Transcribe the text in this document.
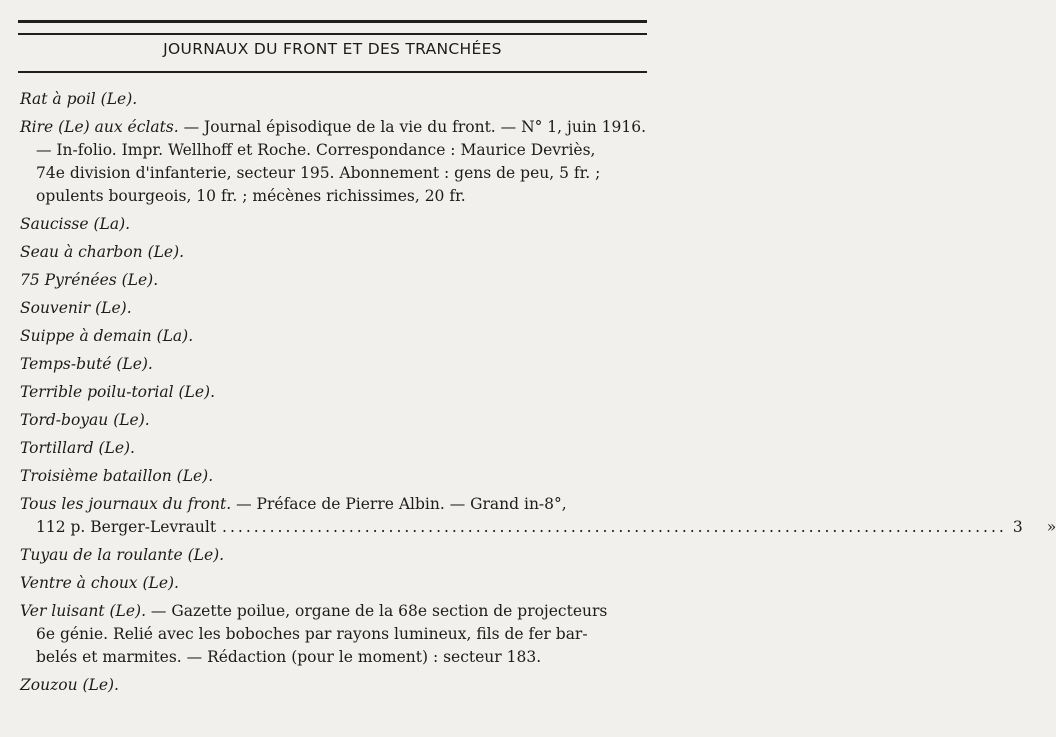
JOURNAUX DU FRONT ET DES TRANCHÉES

Rat à poil (Le).

Rire (Le) aux éclats. — Journal épisodique de la vie du front. — N° 1, juin 1916.
— In-folio. Impr. Wellhoff et Roche. Correspondance : Maurice Devriès,
74e division d'infanterie, secteur 195. Abonnement : gens de peu, 5 fr. ;
opulents bourgeois, 10 fr. ; mécènes richissimes, 20 fr.

Saucisse (La).

Seau à charbon (Le).

75 Pyrénées (Le).

Souvenir (Le).

Suippe à demain (La).

Temps-buté (Le).

Terrible poilu-torial (Le).

Tord-boyau (Le).

Tortillard (Le).

Troisième bataillon (Le).

Tous les journaux du front. — Préface de Pierre Albin. — Grand in-8°,
112 p. Berger-Levrault ................................................................................................... 3 »

Tuyau de la roulante (Le).

Ventre à choux (Le).

Ver luisant (Le). — Gazette poilue, organe de la 68e section de projecteurs
6e génie. Relié avec les boboches par rayons lumineux, fils de fer bar-
belés et marmites. — Rédaction (pour le moment) : secteur 183.

Zouzou (Le).
